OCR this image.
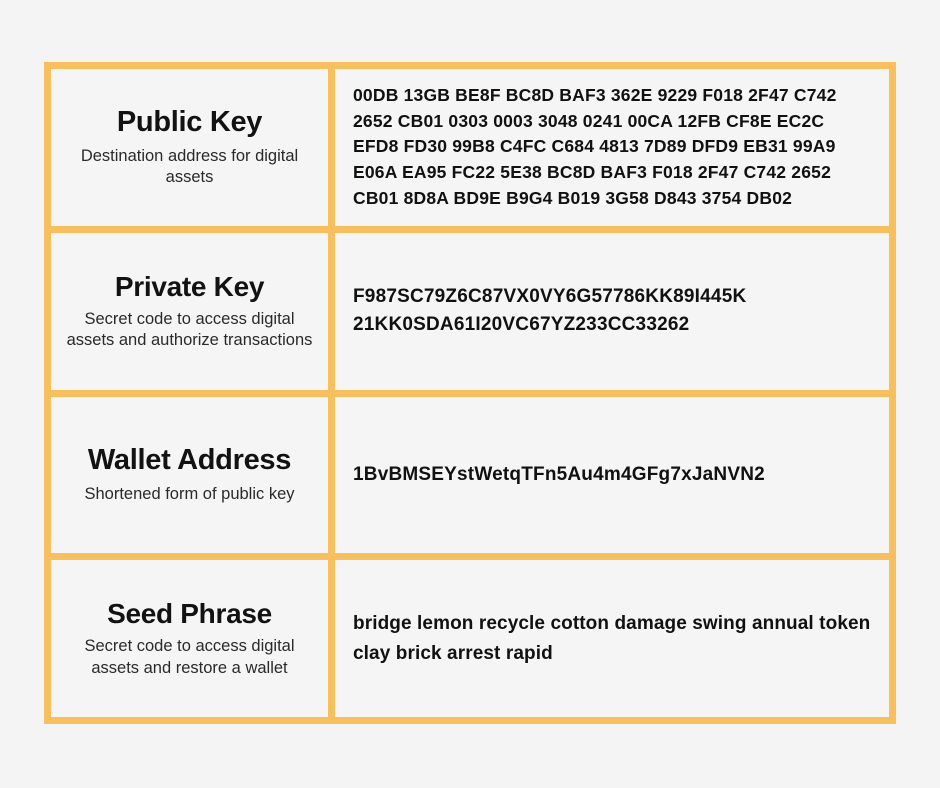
Public Key
Destination address for digital assets
00DB 13GB BE8F BC8D BAF3 362E 9229 F018 2F47 C742 2652 CB01 0303 0003 3048 0241 00CA 12FB CF8E EC2C EFD8 FD30 99B8 C4FC C684 4813 7D89 DFD9 EB31 99A9 E06A EA95 FC22 5E38 BC8D BAF3 F018 2F47 C742 2652 CB01 8D8A BD9E B9G4 B019 3G58 D843 3754 DB02
Private Key
Secret code to access digital assets and authorize transactions
F987SC79Z6C87VX0VY6G57786KK89I445K 21KK0SDA61I20VC67YZ233CC33262
Wallet Address
Shortened form of public key
1BvBMSEYstWetqTFn5Au4m4GFg7xJaNVN2
Seed Phrase
Secret code to access digital assets and restore a wallet
bridge lemon recycle cotton damage swing annual token clay brick arrest rapid
